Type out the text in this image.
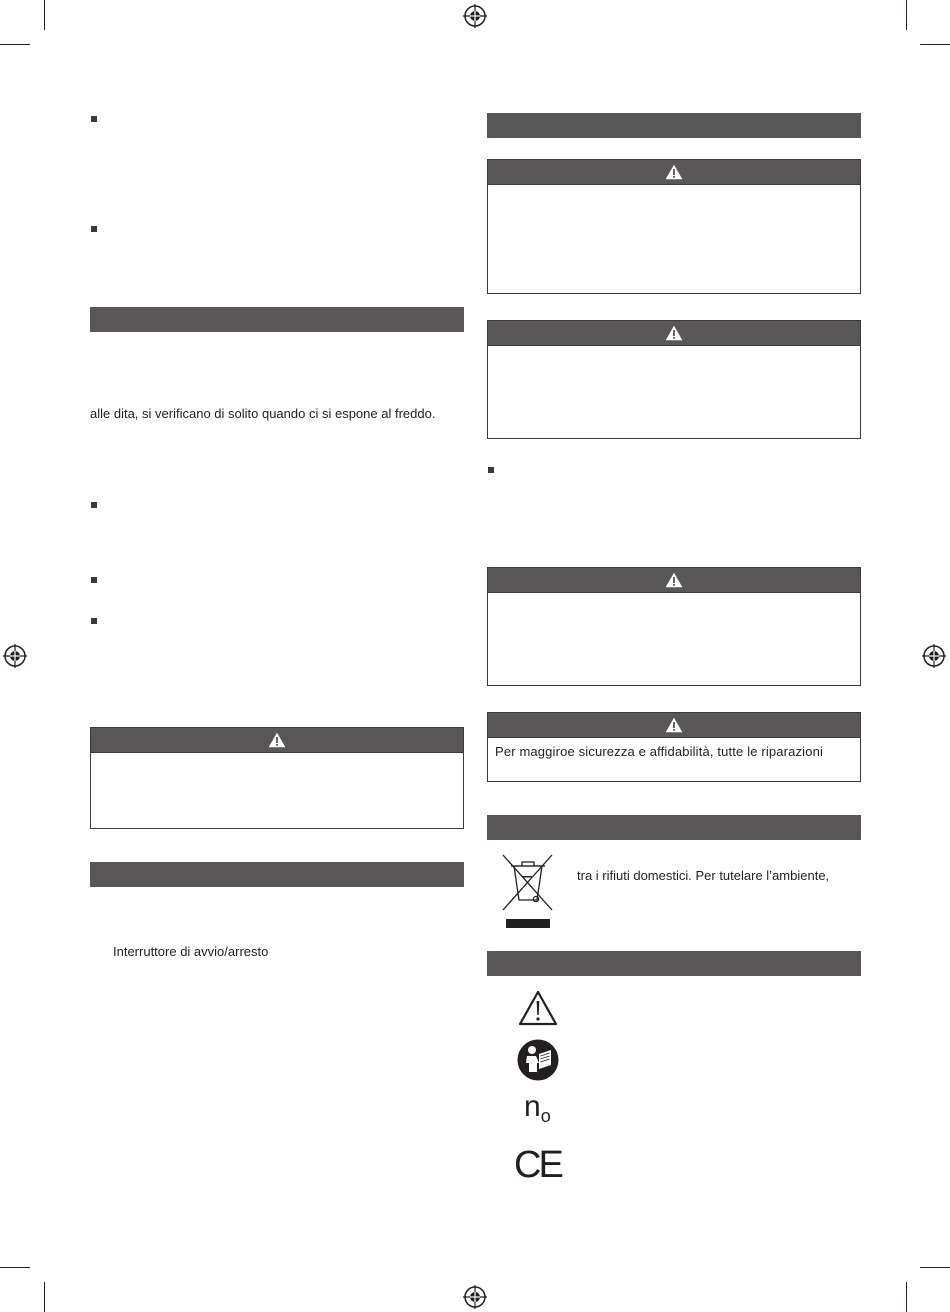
alle dita, si verificano di solito quando ci si espone al freddo.
Interruttore di avvio/arresto
Per maggiroe sicurezza e affidabilità, tutte le riparazioni
tra i rifiuti domestici. Per tutelare l’ambiente,
no
CE
